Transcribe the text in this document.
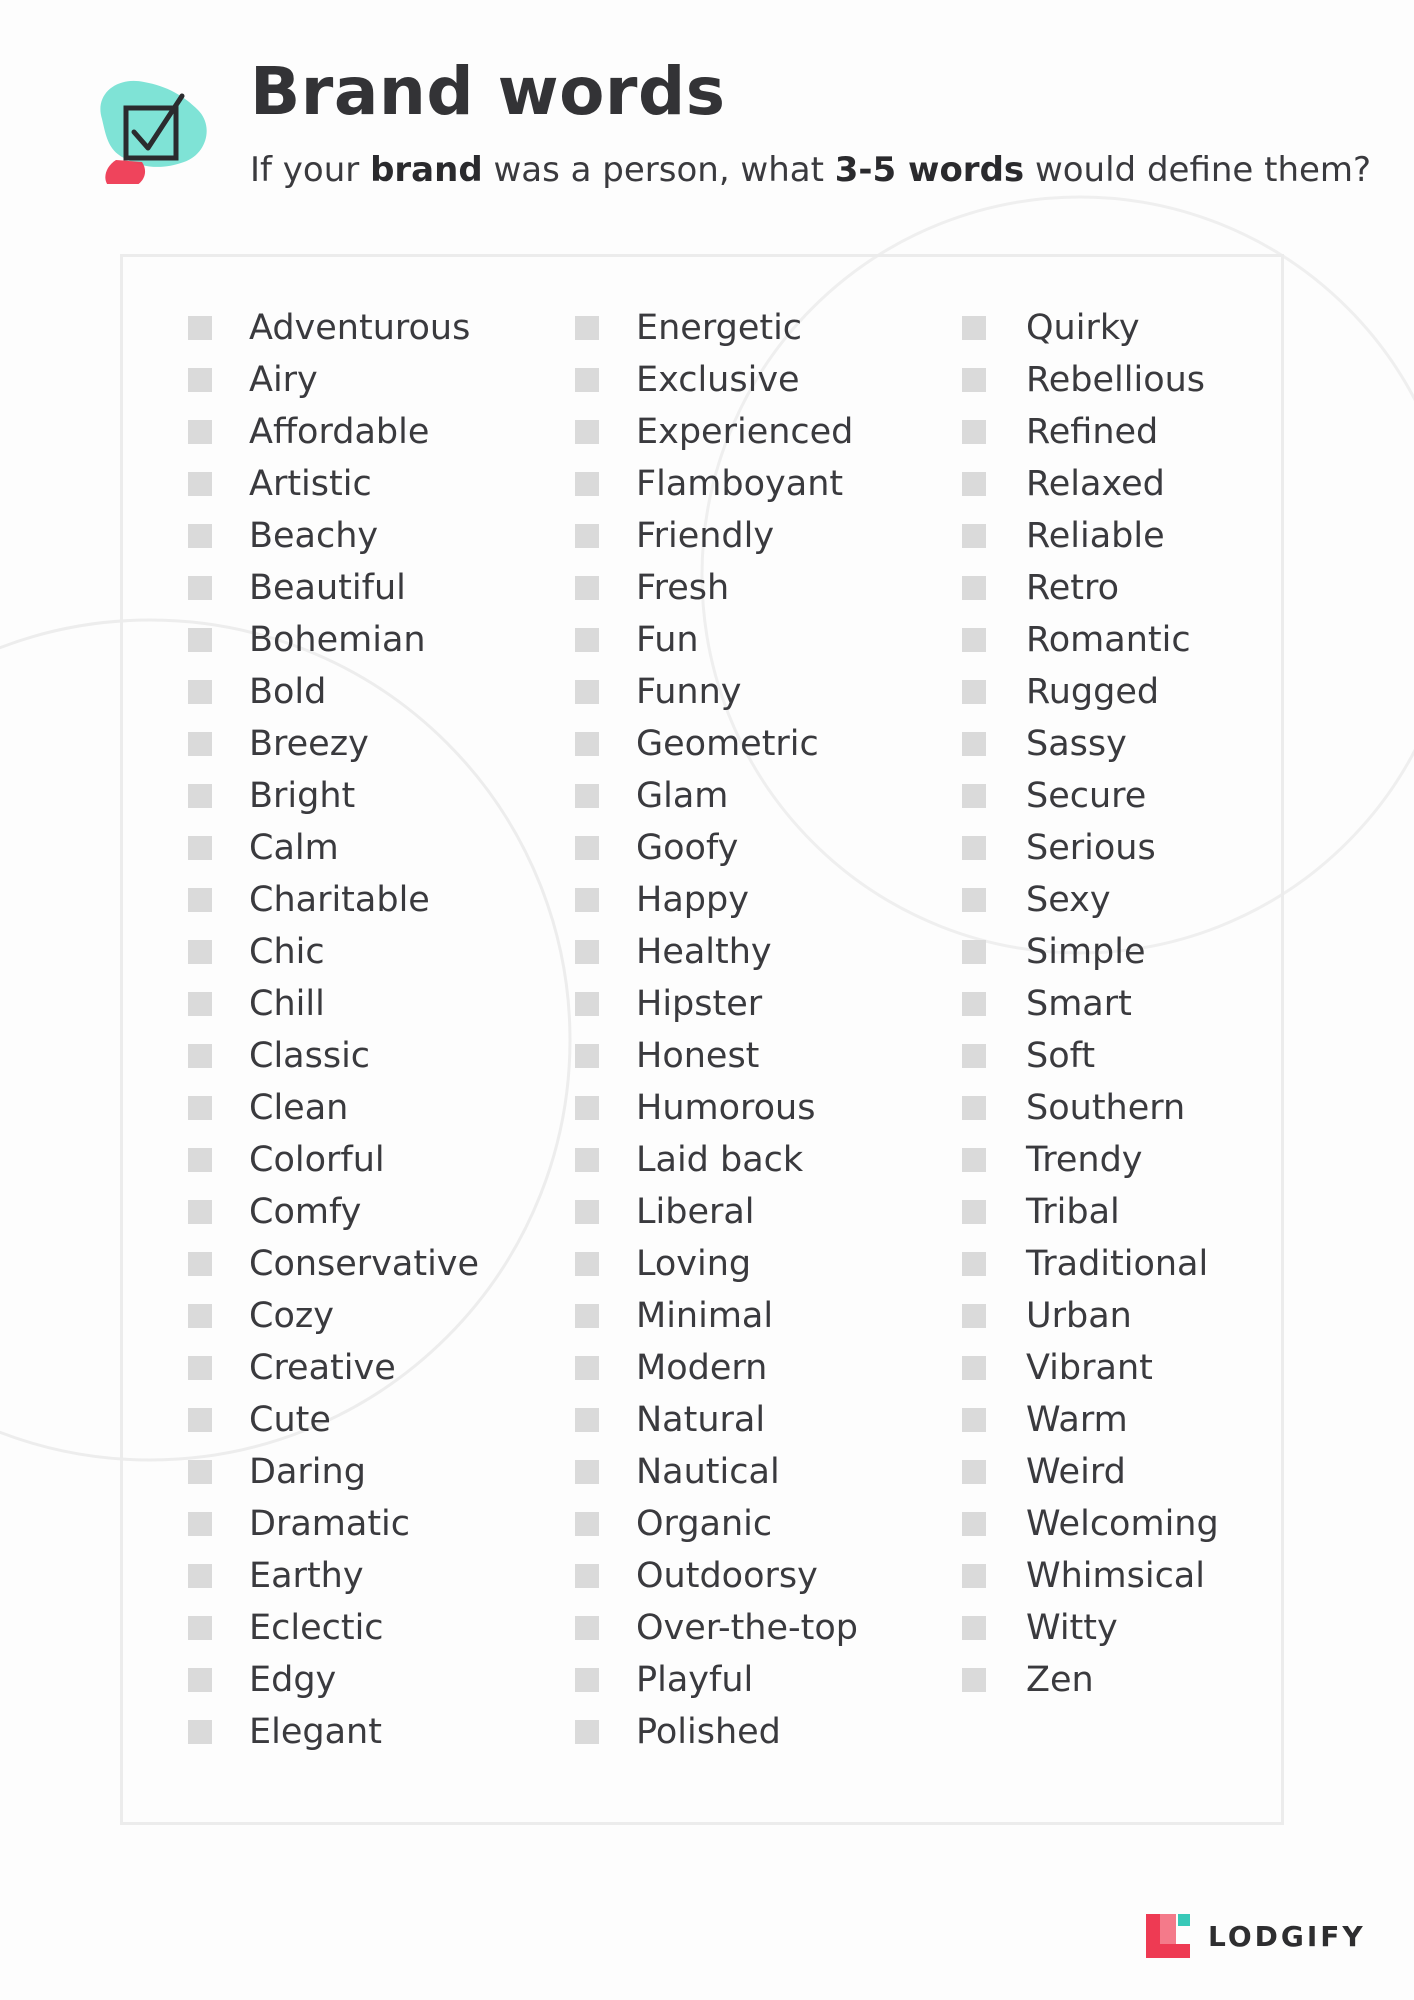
Brand words

If your brand was a person, what 3-5 words would define them?

Adventurous
Airy
Affordable
Artistic
Beachy
Beautiful
Bohemian
Bold
Breezy
Bright
Calm
Charitable
Chic
Chill
Classic
Clean
Colorful
Comfy
Conservative
Cozy
Creative
Cute
Daring
Dramatic
Earthy
Eclectic
Edgy
Elegant
Energetic
Exclusive
Experienced
Flamboyant
Friendly
Fresh
Fun
Funny
Geometric
Glam
Goofy
Happy
Healthy
Hipster
Honest
Humorous
Laid back
Liberal
Loving
Minimal
Modern
Natural
Nautical
Organic
Outdoorsy
Over-the-top
Playful
Polished
Quirky
Rebellious
Refined
Relaxed
Reliable
Retro
Romantic
Rugged
Sassy
Secure
Serious
Sexy
Simple
Smart
Soft
Southern
Trendy
Tribal
Traditional
Urban
Vibrant
Warm
Weird
Welcoming
Whimsical
Witty
Zen
LODGIFY
